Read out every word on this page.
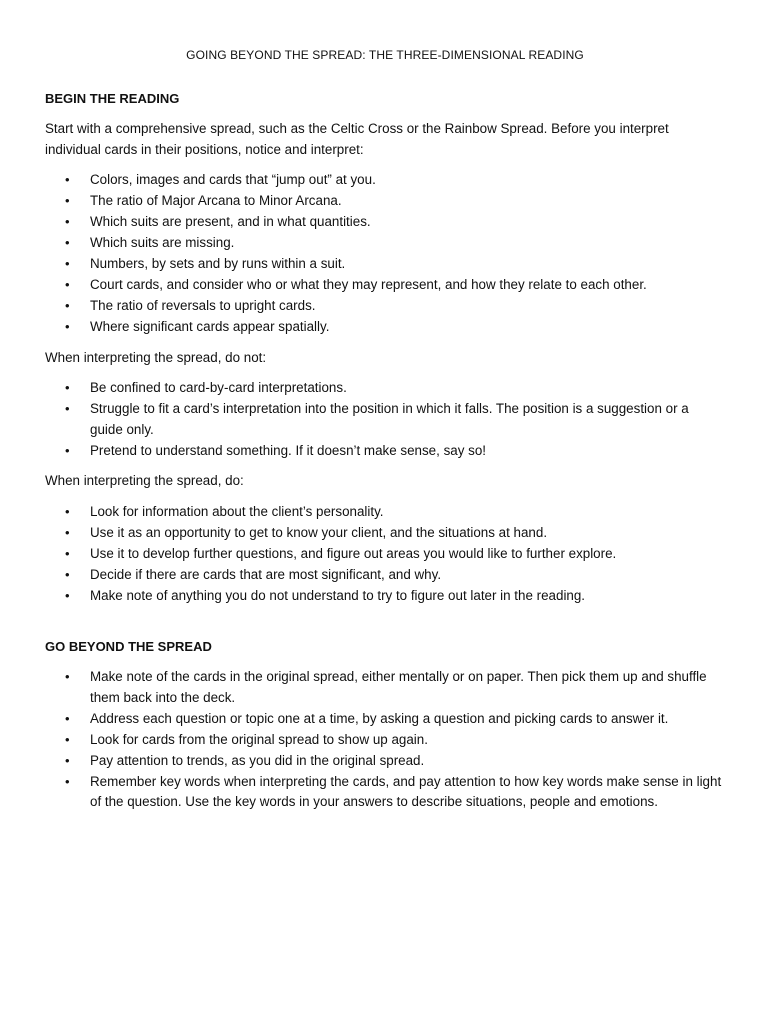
GOING BEYOND THE SPREAD: THE THREE-DIMENSIONAL READING
BEGIN THE READING
Start with a comprehensive spread, such as the Celtic Cross or the Rainbow Spread. Before you interpret individual cards in their positions, notice and interpret:
• Colors, images and cards that “jump out” at you.
• The ratio of Major Arcana to Minor Arcana.
• Which suits are present, and in what quantities.
• Which suits are missing.
• Numbers, by sets and by runs within a suit.
• Court cards, and consider who or what they may represent, and how they relate to each other.
• The ratio of reversals to upright cards.
• Where significant cards appear spatially.
When interpreting the spread, do not:
• Be confined to card-by-card interpretations.
• Struggle to fit a card’s interpretation into the position in which it falls. The position is a suggestion or a guide only.
• Pretend to understand something. If it doesn’t make sense, say so!
When interpreting the spread, do:
• Look for information about the client’s personality.
• Use it as an opportunity to get to know your client, and the situations at hand.
• Use it to develop further questions, and figure out areas you would like to further explore.
• Decide if there are cards that are most significant, and why.
• Make note of anything you do not understand to try to figure out later in the reading.
GO BEYOND THE SPREAD
• Make note of the cards in the original spread, either mentally or on paper. Then pick them up and shuffle them back into the deck.
• Address each question or topic one at a time, by asking a question and picking cards to answer it.
• Look for cards from the original spread to show up again.
• Pay attention to trends, as you did in the original spread.
• Remember key words when interpreting the cards, and pay attention to how key words make sense in light of the question. Use the key words in your answers to describe situations, people and emotions.
